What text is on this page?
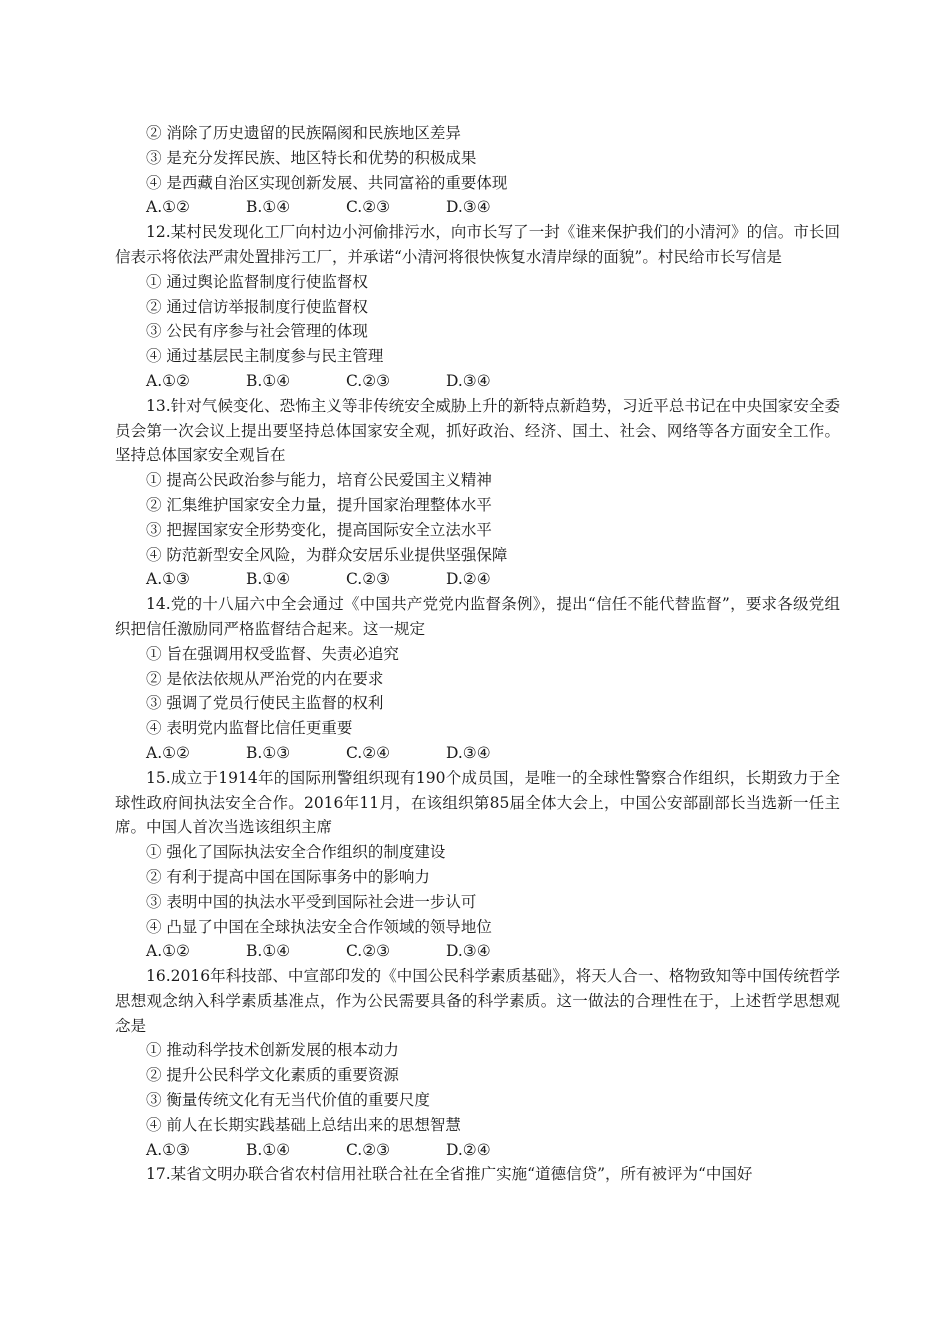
② 消除了历史遗留的民族隔阂和民族地区差异
③ 是充分发挥民族、地区特长和优势的积极成果
④ 是西藏自治区实现创新发展、共同富裕的重要体现
A.①②	B.①④	C.②③	D.③④
12.某村民发现化工厂向村边小河偷排污水，向市长写了一封《谁来保护我们的小清河》的信。市长回信表示将依法严肃处置排污工厂，并承诺“小清河将很快恢复水清岸绿的面貌”。村民给市长写信是
① 通过舆论监督制度行使监督权
② 通过信访举报制度行使监督权
③ 公民有序参与社会管理的体现
④ 通过基层民主制度参与民主管理
A.①②	B.①④	C.②③	D.③④
13.针对气候变化、恐怖主义等非传统安全威胁上升的新特点新趋势，习近平总书记在中央国家安全委员会第一次会议上提出要坚持总体国家安全观，抓好政治、经济、国土、社会、网络等各方面安全工作。坚持总体国家安全观旨在
① 提高公民政治参与能力，培育公民爱国主义精神
② 汇集维护国家安全力量，提升国家治理整体水平
③ 把握国家安全形势变化，提高国际安全立法水平
④ 防范新型安全风险，为群众安居乐业提供坚强保障
A.①③	B.①④	C.②③	D.②④
14.党的十八届六中全会通过《中国共产党党内监督条例》，提出“信任不能代替监督”，要求各级党组织把信任激励同严格监督结合起来。这一规定
① 旨在强调用权受监督、失责必追究
② 是依法依规从严治党的内在要求
③ 强调了党员行使民主监督的权利
④ 表明党内监督比信任更重要
A.①②	B.①③	C.②④	D.③④
15.成立于1914年的国际刑警组织现有190个成员国，是唯一的全球性警察合作组织，长期致力于全球性政府间执法安全合作。2016年11月，在该组织第85届全体大会上，中国公安部副部长当选新一任主席。中国人首次当选该组织主席
① 强化了国际执法安全合作组织的制度建设
② 有利于提高中国在国际事务中的影响力
③ 表明中国的执法水平受到国际社会进一步认可
④ 凸显了中国在全球执法安全合作领域的领导地位
A.①②	B.①④	C.②③	D.③④
16.2016年科技部、中宣部印发的《中国公民科学素质基础》，将天人合一、格物致知等中国传统哲学思想观念纳入科学素质基准点，作为公民需要具备的科学素质。这一做法的合理性在于，上述哲学思想观念是
① 推动科学技术创新发展的根本动力
② 提升公民科学文化素质的重要资源
③ 衡量传统文化有无当代价值的重要尺度
④ 前人在长期实践基础上总结出来的思想智慧
A.①③	B.①④	C.②③	D.②④
17.某省文明办联合省农村信用社联合社在全省推广实施“道德信贷”，所有被评为“中国好
